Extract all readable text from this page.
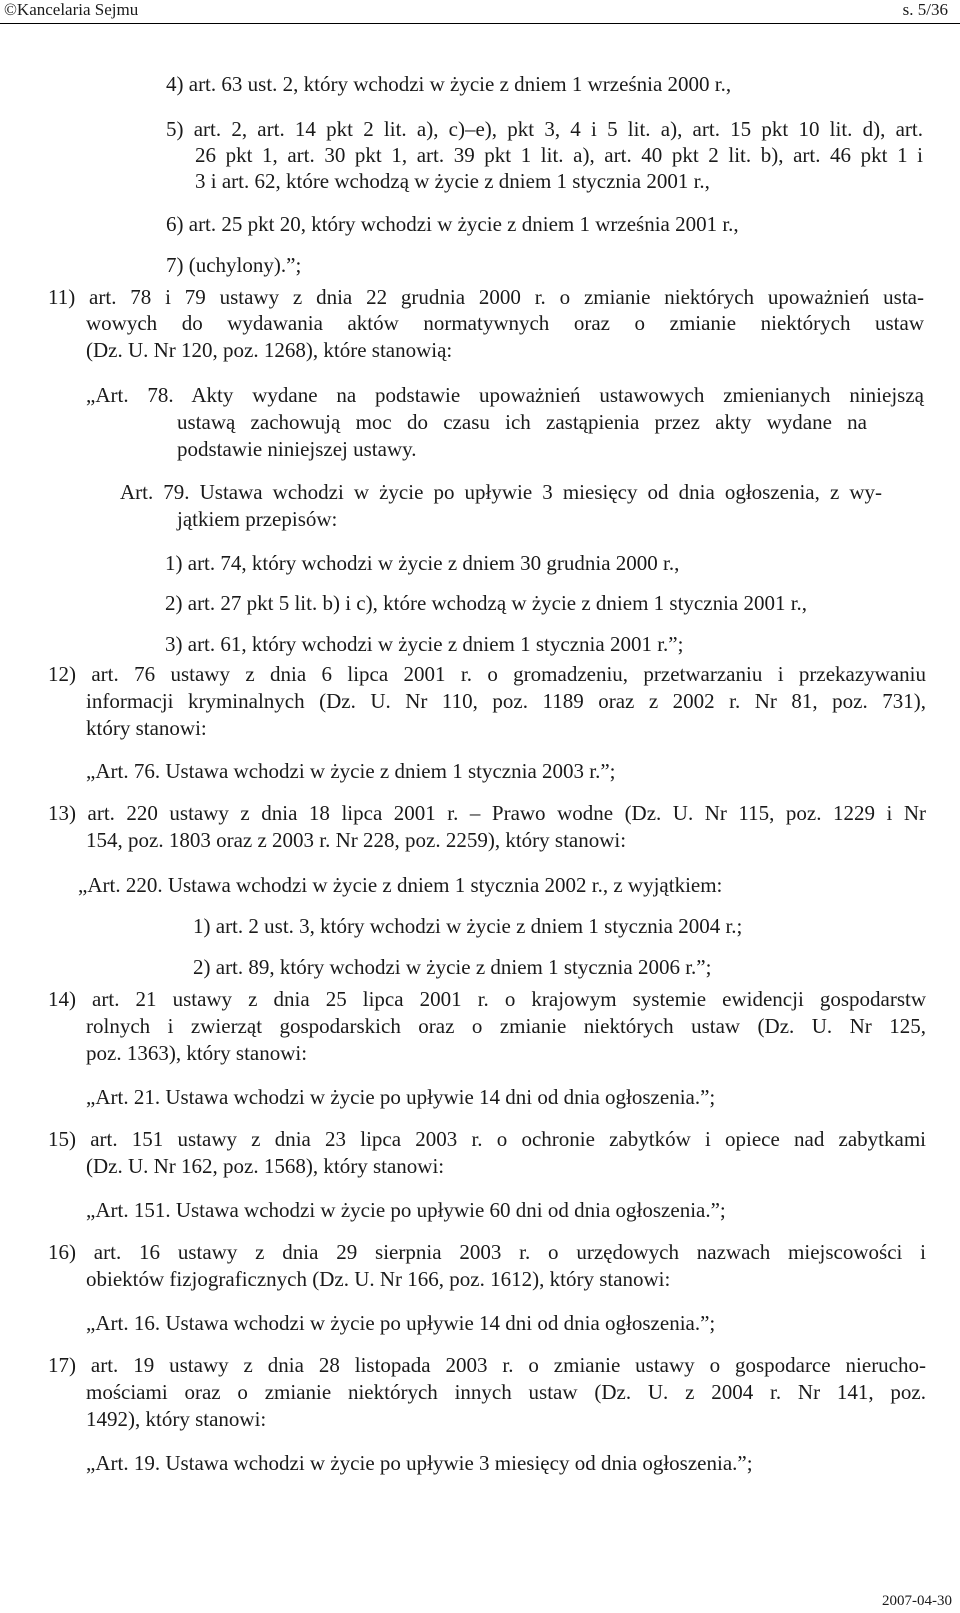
©Kancelaria Sejmu	s. 5/36
4) art. 63 ust. 2, który wchodzi w życie z dniem 1 września 2000 r.,
5) art. 2, art. 14 pkt 2 lit. a), c)–e), pkt 3, 4 i 5 lit. a), art. 15 pkt 10 lit. d), art.
26 pkt 1, art. 30 pkt 1, art. 39 pkt 1 lit. a), art. 40 pkt 2 lit. b), art. 46 pkt 1 i
3 i art. 62, które wchodzą w życie z dniem 1 stycznia 2001 r.,
6) art. 25 pkt 20, który wchodzi w życie z dniem 1 września 2001 r.,
7) (uchylony).”;
11) art. 78 i 79 ustawy z dnia 22 grudnia 2000 r. o zmianie niektórych upoważnień usta-
wowych do wydawania aktów normatywnych oraz o zmianie niektórych ustaw
(Dz. U. Nr 120, poz. 1268), które stanowią:
„Art. 78. Akty wydane na podstawie upoważnień ustawowych zmienianych niniejszą
ustawą zachowują moc do czasu ich zastąpienia przez akty wydane na
podstawie niniejszej ustawy.
Art. 79. Ustawa wchodzi w życie po upływie 3 miesięcy od dnia ogłoszenia, z wy-
jątkiem przepisów:
1) art. 74, który wchodzi w życie z dniem 30 grudnia 2000 r.,
2) art. 27 pkt 5 lit. b) i c), które wchodzą w życie z dniem 1 stycznia 2001 r.,
3) art. 61, który wchodzi w życie z dniem 1 stycznia 2001 r.”;
12) art. 76 ustawy z dnia 6 lipca 2001 r. o gromadzeniu, przetwarzaniu i przekazywaniu
informacji kryminalnych (Dz. U. Nr 110, poz. 1189 oraz z 2002 r. Nr 81, poz. 731),
który stanowi:
„Art. 76. Ustawa wchodzi w życie z dniem 1 stycznia 2003 r.”;
13) art. 220 ustawy z dnia 18 lipca 2001 r. – Prawo wodne (Dz. U. Nr 115, poz. 1229 i Nr
154, poz. 1803 oraz z 2003 r. Nr 228, poz. 2259), który stanowi:
„Art. 220. Ustawa wchodzi w życie z dniem 1 stycznia 2002 r., z wyjątkiem:
1) art. 2 ust. 3, który wchodzi w życie z dniem 1 stycznia 2004 r.;
2) art. 89, który wchodzi w życie z dniem 1 stycznia 2006 r.”;
14) art. 21 ustawy z dnia 25 lipca 2001 r. o krajowym systemie ewidencji gospodarstw
rolnych i zwierząt gospodarskich oraz o zmianie niektórych ustaw (Dz. U. Nr 125,
poz. 1363), który stanowi:
„Art. 21. Ustawa wchodzi w życie po upływie 14 dni od dnia ogłoszenia.”;
15) art. 151 ustawy z dnia 23 lipca 2003 r. o ochronie zabytków i opiece nad zabytkami
(Dz. U. Nr 162, poz. 1568), który stanowi:
„Art. 151. Ustawa wchodzi w życie po upływie 60 dni od dnia ogłoszenia.”;
16) art. 16 ustawy z dnia 29 sierpnia 2003 r. o urzędowych nazwach miejscowości i
obiektów fizjograficznych (Dz. U. Nr 166, poz. 1612), który stanowi:
„Art. 16. Ustawa wchodzi w życie po upływie 14 dni od dnia ogłoszenia.”;
17) art. 19 ustawy z dnia 28 listopada 2003 r. o zmianie ustawy o gospodarce nierucho-
mościami oraz o zmianie niektórych innych ustaw (Dz. U. z 2004 r. Nr 141, poz.
1492), który stanowi:
„Art. 19. Ustawa wchodzi w życie po upływie 3 miesięcy od dnia ogłoszenia.”;
2007-04-30
